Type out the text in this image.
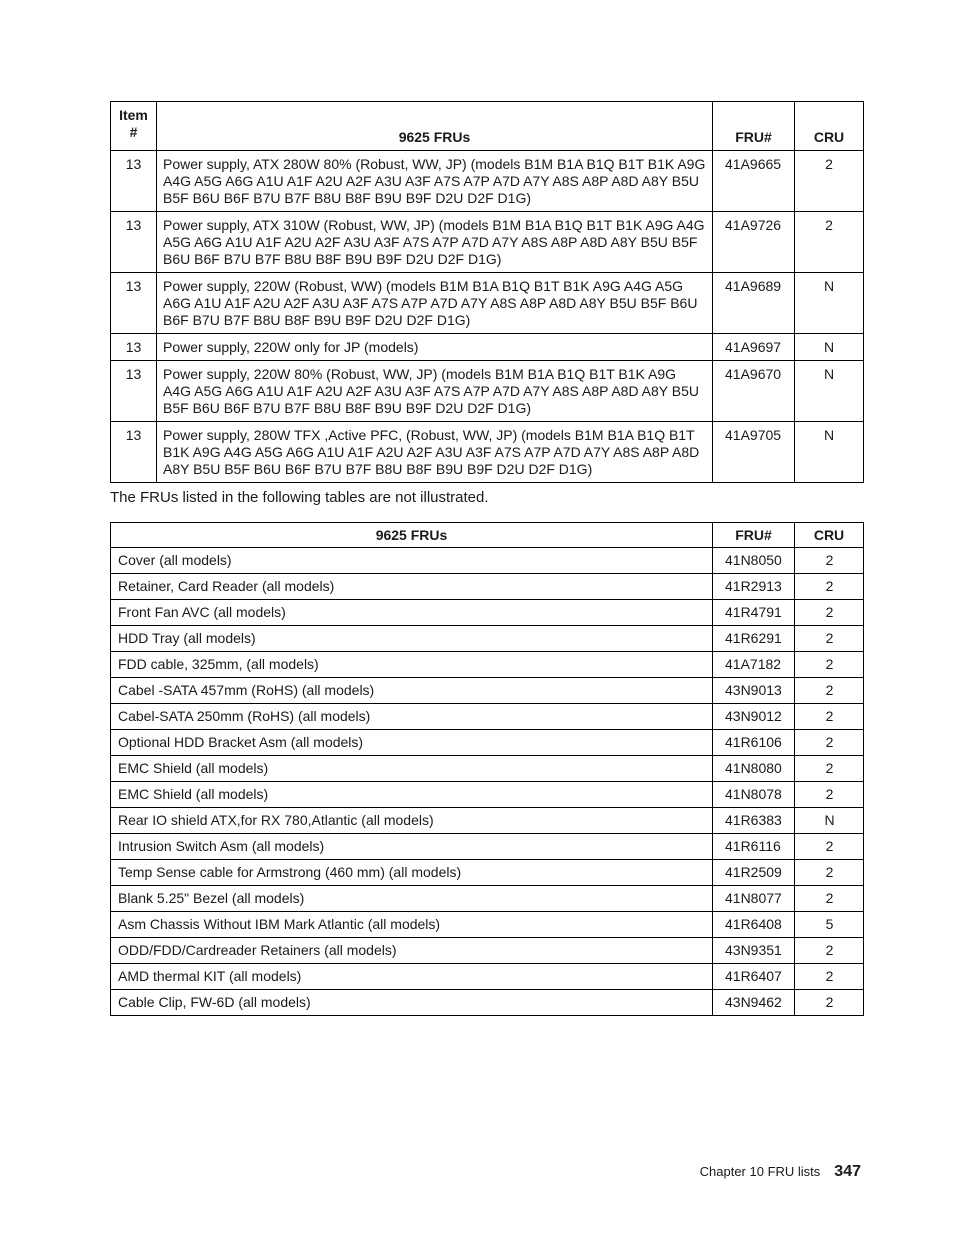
Item #	9625 FRUs	FRU#	CRU
13	Power supply, ATX 280W 80% (Robust, WW, JP) (models B1M B1A B1Q B1T B1K A9G A4G A5G A6G A1U A1F A2U A2F A3U A3F A7S A7P A7D A7Y A8S A8P A8D A8Y B5U B5F B6U B6F B7U B7F B8U B8F B9U B9F D2U D2F D1G)	41A9665	2
13	Power supply, ATX 310W (Robust, WW, JP) (models B1M B1A B1Q B1T B1K A9G A4G A5G A6G A1U A1F A2U A2F A3U A3F A7S A7P A7D A7Y A8S A8P A8D A8Y B5U B5F B6U B6F B7U B7F B8U B8F B9U B9F D2U D2F D1G)	41A9726	2
13	Power supply, 220W (Robust, WW) (models B1M B1A B1Q B1T B1K A9G A4G A5G A6G A1U A1F A2U A2F A3U A3F A7S A7P A7D A7Y A8S A8P A8D A8Y B5U B5F B6U B6F B7U B7F B8U B8F B9U B9F D2U D2F D1G)	41A9689	N
13	Power supply, 220W only for JP (models)	41A9697	N
13	Power supply, 220W 80% (Robust, WW, JP) (models B1M B1A B1Q B1T B1K A9G A4G A5G A6G A1U A1F A2U A2F A3U A3F A7S A7P A7D A7Y A8S A8P A8D A8Y B5U B5F B6U B6F B7U B7F B8U B8F B9U B9F D2U D2F D1G)	41A9670	N
13	Power supply, 280W TFX ,Active PFC, (Robust, WW, JP) (models B1M B1A B1Q B1T B1K A9G A4G A5G A6G A1U A1F A2U A2F A3U A3F A7S A7P A7D A7Y A8S A8P A8D A8Y B5U B5F B6U B6F B7U B7F B8U B8F B9U B9F D2U D2F D1G)	41A9705	N

The FRUs listed in the following tables are not illustrated.

9625 FRUs	FRU#	CRU
Cover (all models)	41N8050	2
Retainer, Card Reader (all models)	41R2913	2
Front Fan AVC (all models)	41R4791	2
HDD Tray (all models)	41R6291	2
FDD cable, 325mm, (all models)	41A7182	2
Cabel -SATA 457mm (RoHS) (all models)	43N9013	2
Cabel-SATA 250mm (RoHS) (all models)	43N9012	2
Optional HDD Bracket Asm (all models)	41R6106	2
EMC Shield (all models)	41N8080	2
EMC Shield (all models)	41N8078	2
Rear IO shield ATX,for RX 780,Atlantic (all models)	41R6383	N
Intrusion Switch Asm (all models)	41R6116	2
Temp Sense cable for Armstrong (460 mm) (all models)	41R2509	2
Blank 5.25" Bezel (all models)	41N8077	2
Asm Chassis Without IBM Mark Atlantic (all models)	41R6408	5
ODD/FDD/Cardreader Retainers (all models)	43N9351	2
AMD thermal KIT (all models)	41R6407	2
Cable Clip, FW-6D (all models)	43N9462	2
Chapter 10 FRU lists 347
